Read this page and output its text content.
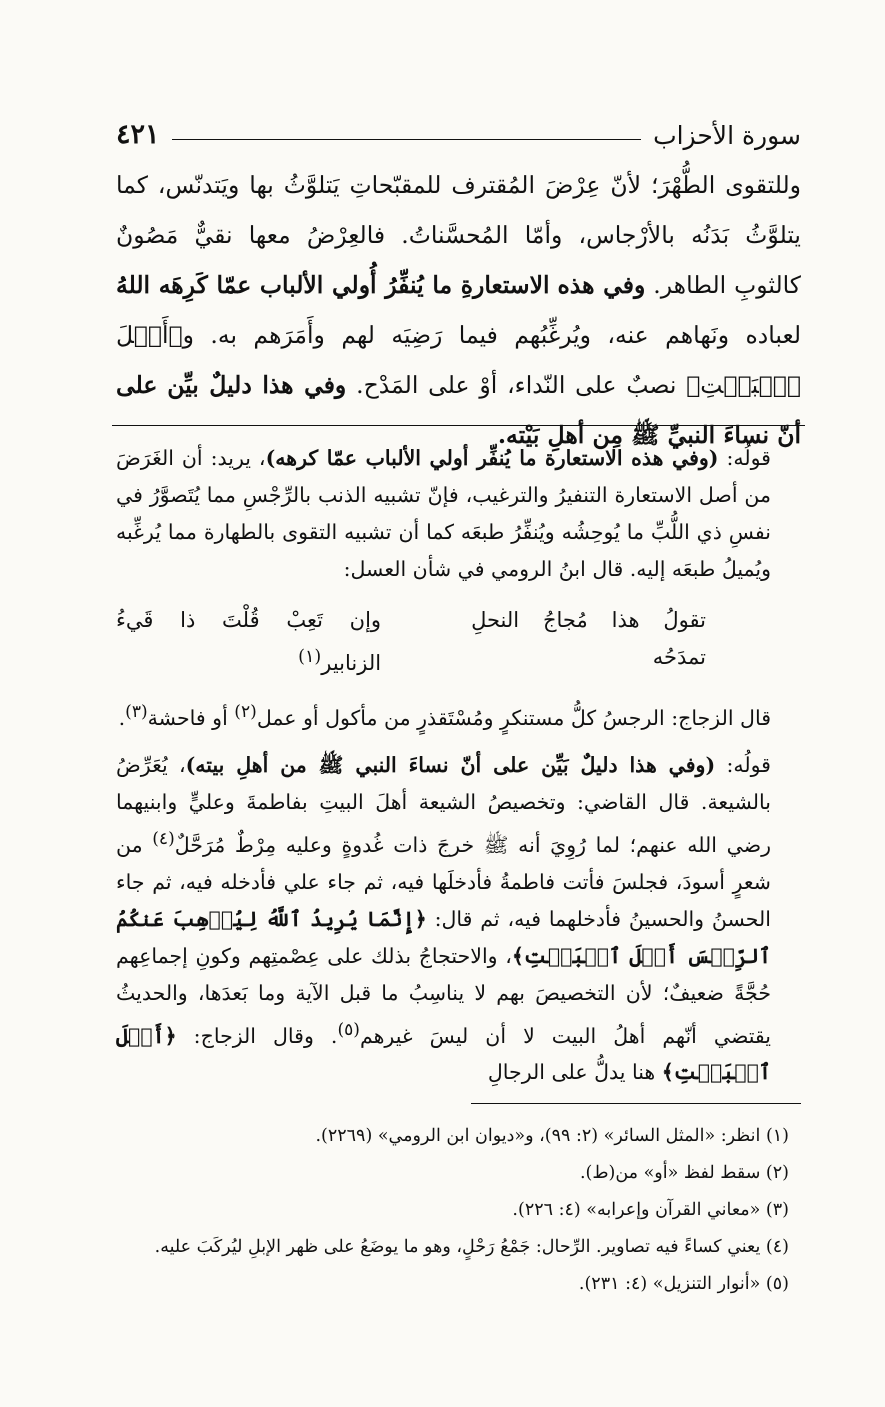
سورة الأحزاب
٤٢١

وللتقوى الطُّهْرَ؛ لأنّ عِرْضَ المُقترف للمقبّحاتِ يَتلوَّثُ بها ويَتدنّس، كما يتلوَّثُ بَدَنُه بالأرْجاس، وأمّا المُحسَّناتُ. فالعِرْضُ معها نقيٌّ مَصُونٌ كالثوبِ الطاهر. وفي هذه الاستعارةِ ما يُنفِّرُ أُولي الألباب عمّا كَرِهَه اللهُ لعباده ونَهاهم عنه، ويُرغِّبُهم فيما رَضِيَه لهم وأَمَرَهم به. و﴿أَهۡلَ ٱلۡبَيۡتِ﴾ نصبٌ على النّداء، أوْ على المَدْح. وفي هذا دليلٌ بيِّن على أنّ نساءَ النبيِّ ﷺ مِن أهلِ بَيْته.

قولُه: (وفي هذه الاستعارة ما يُنفِّر أولي الألباب عمّا كرهه)، يريد: أن الغَرَضَ من أصل الاستعارة التنفيرُ والترغيب، فإنّ تشبيه الذنب بالرِّجْسِ مما يُتَصوَّرُ في نفسِ ذي اللُّبِّ ما يُوحِشُه ويُنفِّرُ طبعَه كما أن تشبيه التقوى بالطهارة مما يُرغِّبه ويُميلُ طبعَه إليه. قال ابنُ الرومي في شأن العسل:

تقولُ هذا مُجاجُ النحلِ تمدَحُه
وإن تَعِبْ قُلْتَ ذا قَيءُ الزنابير$^{(١)}$

قال الزجاج: الرجسُ كلُّ مستنكرٍ ومُسْتَقذرٍ من مأكول أو عمل$^{(٢)}$ أو فاحشة$^{(٣)}$.

قولُه: (وفي هذا دليلٌ بَيِّن على أنّ نساءَ النبي ﷺ من أهلِ بيته)، يُعَرِّضُ بالشيعة. قال القاضي: وتخصيصُ الشيعة أهلَ البيتِ بفاطمةَ وعليٍّ وابنيهما رضي الله عنهم؛ لما رُوِيَ أنه ﷺ خرجَ ذات غُدوةٍ وعليه مِرْطٌ مُرَحَّلٌ$^{(٤)}$ من شعرٍ أسودَ، فجلسَ فأتت فاطمةُ فأدخلَها فيه، ثم جاء علي فأدخله فيه، ثم جاء الحسنُ والحسينُ فأدخلهما فيه، ثم قال: ﴿إِنَّمَا يُرِيدُ ٱللَّهُ لِيُذۡهِبَ عَنكُمُ ٱلرِّجۡسَ أَهۡلَ ٱلۡبَيۡتِ﴾، والاحتجاجُ بذلك على عِصْمتِهم وكونِ إجماعِهم حُجَّةً ضعيفٌ؛ لأن التخصيصَ بهم لا يناسِبُ ما قبل الآية وما بَعدَها، والحديثُ يقتضي أنّهم أهلُ البيت لا أن ليسَ غيرهم$^{(٥)}$. وقال الزجاج: ﴿أَهۡلَ ٱلۡبَيۡتِ﴾ هنا يدلُّ على الرجالِ

(١) انظر: «المثل السائر» (٢: ٩٩)، و«ديوان ابن الرومي» (٢٢٦٩).
(٢) سقط لفظ «أو» من(ط).
(٣) «معاني القرآن وإعرابه» (٤: ٢٢٦).
(٤) يعني كساءً فيه تصاوير. الرِّحال: جَمْعُ رَحْلٍ، وهو ما يوضَعُ على ظهر الإبلِ ليُركَبَ عليه.
(٥) «أنوار التنزيل» (٤: ٢٣١).
